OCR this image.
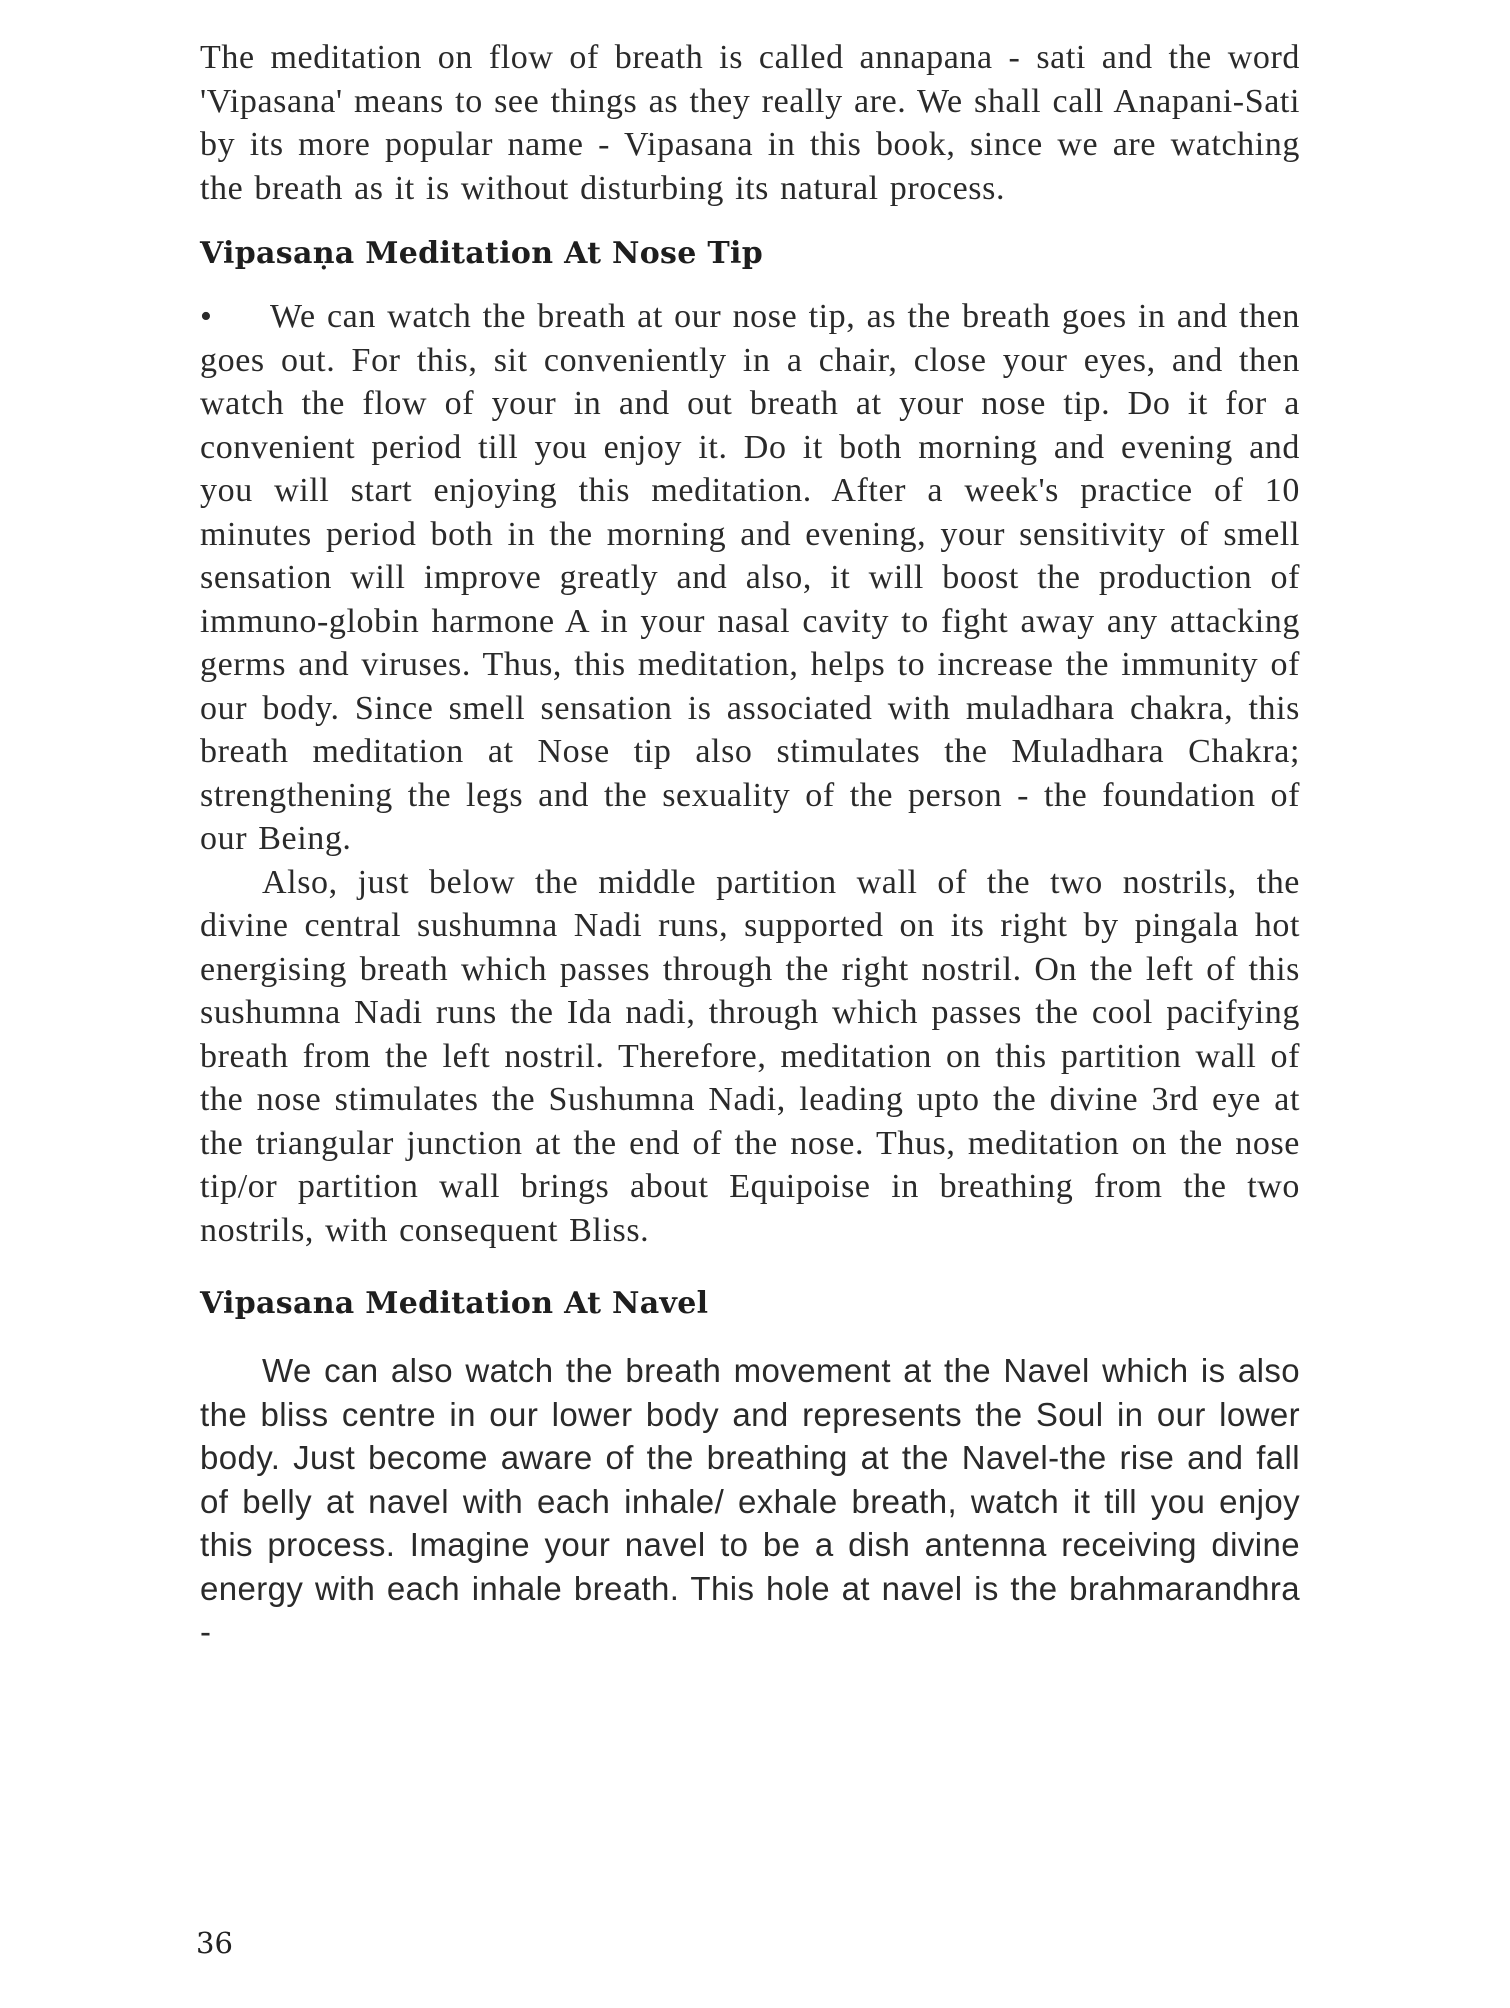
The meditation on flow of breath is called annapana - sati and the word 'Vipasana' means to see things as they really are. We shall call Anapani-Sati by its more popular name - Vipasana in this book, since we are watching the breath as it is without disturbing its natural process.

Vipasaṇa Meditation At Nose Tip

• We can watch the breath at our nose tip, as the breath goes in and then goes out. For this, sit conveniently in a chair, close your eyes, and then watch the flow of your in and out breath at your nose tip. Do it for a convenient period till you enjoy it. Do it both morning and evening and you will start enjoying this meditation. After a week's practice of 10 minutes period both in the morning and evening, your sensitivity of smell sensation will improve greatly and also, it will boost the production of immuno-globin harmone A in your nasal cavity to fight away any attacking germs and viruses. Thus, this meditation, helps to increase the immunity of our body. Since smell sensation is associated with muladhara chakra, this breath meditation at Nose tip also stimulates the Muladhara Chakra; strengthening the legs and the sexuality of the person - the foundation of our Being.

Also, just below the middle partition wall of the two nostrils, the divine central sushumna Nadi runs, supported on its right by pingala hot energising breath which passes through the right nostril. On the left of this sushumna Nadi runs the Ida nadi, through which passes the cool pacifying breath from the left nostril. Therefore, meditation on this partition wall of the nose stimulates the Sushumna Nadi, leading upto the divine 3rd eye at the triangular junction at the end of the nose. Thus, meditation on the nose tip/or partition wall brings about Equipoise in breathing from the two nostrils, with consequent Bliss.

Vipasana Meditation At Navel

We can also watch the breath movement at the Navel which is also the bliss centre in our lower body and represents the Soul in our lower body. Just become aware of the breathing at the Navel-the rise and fall of belly at navel with each inhale/ exhale breath, watch it till you enjoy this process. Imagine your navel to be a dish antenna receiving divine energy with each inhale breath. This hole at navel is the brahmarandhra -

36
